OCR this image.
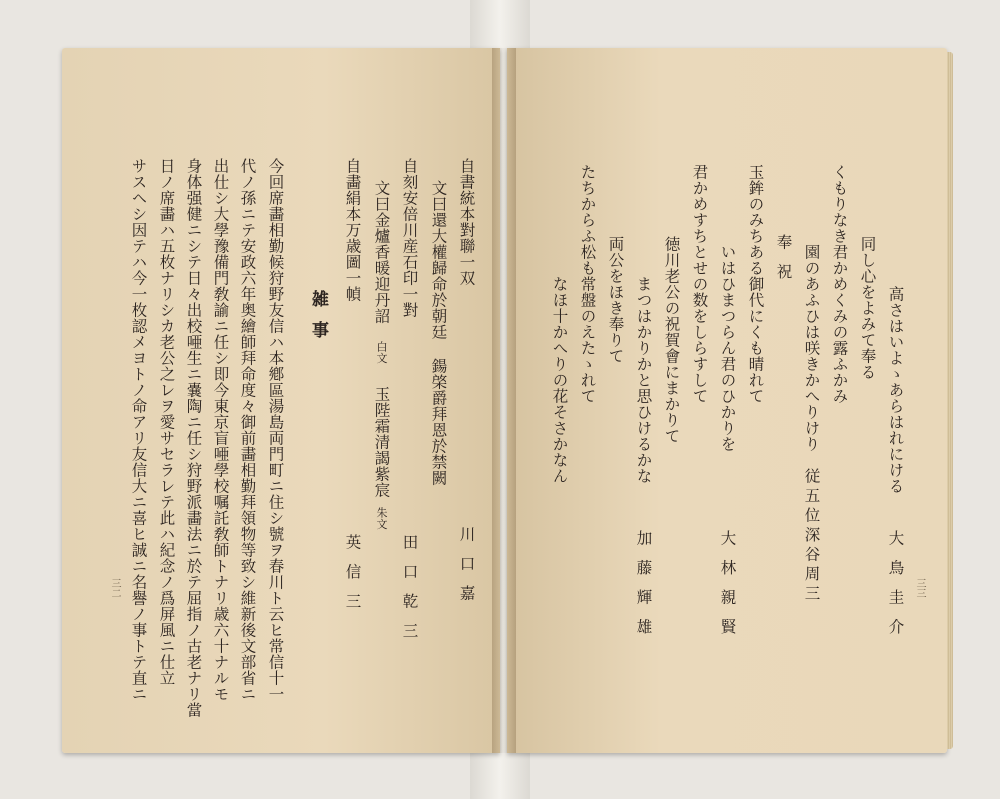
自書統本對聯一双
文曰還大權歸命於朝廷
鍚棨爵拜恩於禁闕
自刻安倍川産石印一對
文曰金爐香暖迎丹詔
白文
玉陛霜清謁紫宸
朱文
自畵絹本万歳圖一幀
川口嘉
田口乾三
英信三
雑事
今回席畵相勤候狩野友信ハ本鄕區湯島両門町ニ住シ號ヲ春川ト云ヒ常信十一
代ノ孫ニテ安政六年奥繪師拜命度々御前畵相勤拜領物等致シ維新後文部省ニ
出仕シ大學豫備門敎諭ニ任シ即今東京盲唖學校嘱託敎師トナリ歳六十ナルモ
身体强健ニシテ日々出校唖生ニ嚢陶ニ任シ狩野派畵法ニ於テ屈指ノ古老ナリ當
日ノ席畵ハ五枚ナリシカ老公之レヲ愛サセラレテ此ハ紀念ノ爲屏風ニ仕立
サスヘシ因テハ今一枚認メヨトノ命アリ友信大ニ喜ヒ誠ニ名譽ノ事トテ直ニ
三二
高さはいよゝあらはれにける
同し心をよみて奉る
くもりなき君かめくみの露ふかみ
園のあふひは咲きかへりけり
奉祝
玉鉾のみちある御代にくも晴れて
いはひまつらん君のひかりを
君かめすちとせの数をしらすして
徳川老公の祝賀會にまかりて
まつはかりかと思ひけるかな
両公をほき奉りて
たちからふ松も常盤のえたゝれて
なほ十かへりの花そさかなん
大鳥圭介
従五位深谷周三
大林親賢
加藤輝雄	三三
